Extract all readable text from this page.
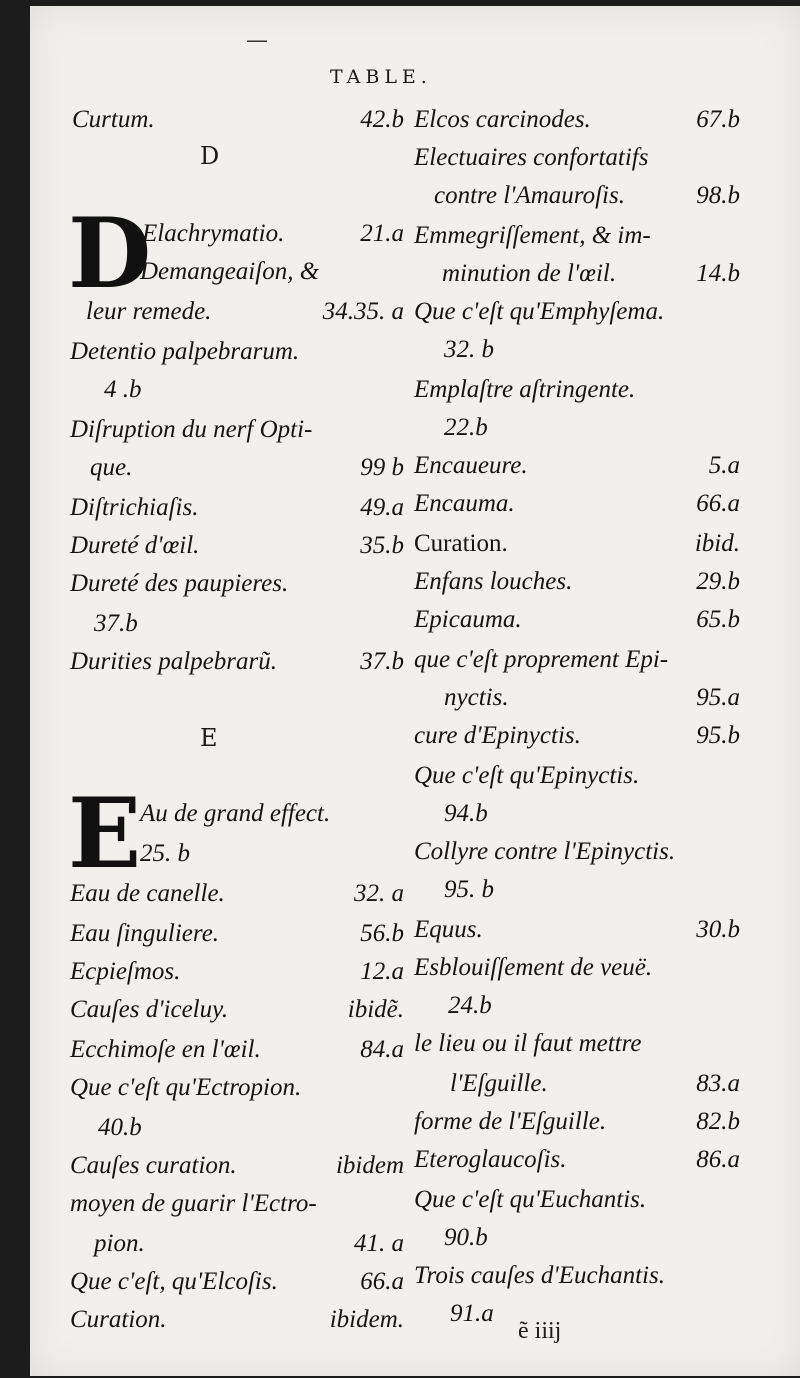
—
TABLE.
Curtum.	42.b
D
D
Elachrymatio.	21.a
Demangeaiſon, &
leur remede.	34.35. a
Detentio palpebrarum.
4 .b
Diſruption du nerf Opti-
que.	99 b
Diſtrichiaſis.	49.a
Dureté d'œil.	35.b
Dureté des paupieres.
37.b
Durities palpebrarũ.	37.b
E
E
Au de grand effect.
25. b
Eau de canelle.	32. a
Eau ſinguliere.	56.b
Ecpieſmos.	12.a
Cauſes d'iceluy.	ibidẽ.
Ecchimoſe en l'œil.	84.a
Que c'eſt qu'Ectropion.
40.b
Cauſes curation.	ibidem
moyen de guarir l'Ectro-
pion.	41. a
Que c'eſt, qu'Elcoſis.	66.a
Curation.	ibidem.
Elcos carcinodes.	67.b
Electuaires confortatifs
contre l'Amauroſis.	98.b
Emmegriſſement, & im-
minution de l'œil.	14.b
Que c'eſt qu'Emphyſema.
32. b
Emplaſtre aſtringente.
22.b
Encaueure.	5.a
Encauma.	66.a
Curation.	ibid.
Enfans louches.	29.b
Epicauma.	65.b
que c'eſt proprement Epi-
nyctis.	95.a
cure d'Epinyctis.	95.b
Que c'eſt qu'Epinyctis.
94.b
Collyre contre l'Epinyctis.
95. b
Equus.	30.b
Esblouiſſement de veuë.
24.b
le lieu ou il faut mettre
l'Eſguille.	83.a
forme de l'Eſguille.	82.b
Eteroglaucoſis.	86.a
Que c'eſt qu'Euchantis.
90.b
Trois cauſes d'Euchantis.
91.a
ẽ iiij
